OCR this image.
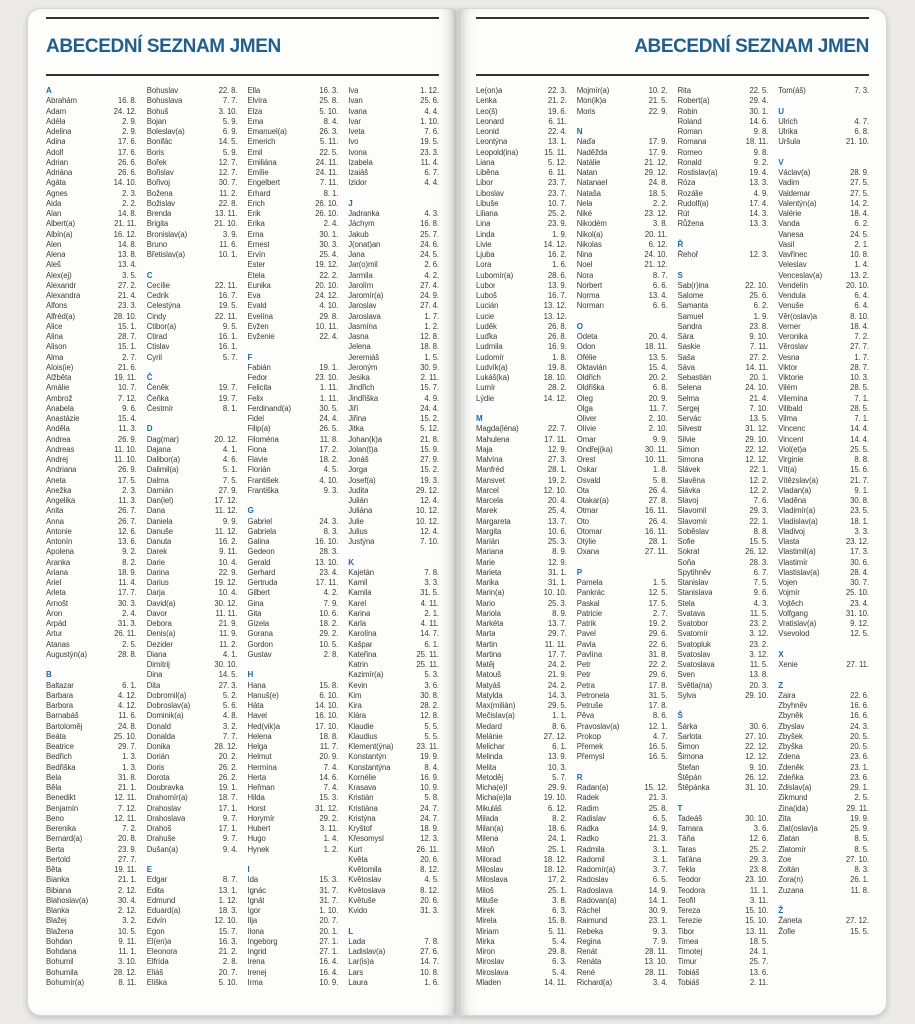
ABECEDNÍ SEZNAM JMEN
A
Abrahám	16. 8.
Adam	24. 12.
Adéla	2. 9.
Adelina	2. 9.
Adina	17. 6.
Adolf	17. 6.
Adrian	26. 6.
Adriána	26. 6.
Agáta	14. 10.
Agnes	2. 3.
Aida	2. 2.
Alan	14. 8.
Albert(a)	21. 11.
Albín(a)	16. 12.
Alen	14. 8.
Alena	13. 8.
Aleš	13. 4.
Alex(ej)	3. 5.
Alexandr	27. 2.
Alexandra	21. 4.
Alfons	23. 3.
Alfréd(a)	28. 10.
Alice	15. 1.
Alina	28. 7.
Alison	15. 1.
Alma	2. 7.
Alois(ie)	21. 6.
Alžběta	19. 11.
Amálie	10. 7.
Ambrož	7. 12.
Anabela	9. 6.
Anastázie	15. 4.
Anděla	11. 3.
Andrea	26. 9.
Andreas	11. 10.
Andrej	11. 10.
Andriana	26. 9.
Aneta	17. 5.
Anežka	2. 3.
Angelika	11. 3.
Anita	26. 7.
Anna	26. 7.
Antonie	12. 6.
Antonín	13. 6.
Apolena	9. 2.
Aranka	8. 2.
Ariana	18. 9.
Ariel	11. 4.
Arleta	17. 7.
Arnošt	30. 3.
Áron	2. 4.
Arpád	31. 3.
Artur	26. 11.
Atanas	2. 5.
Augustýn(a)	28. 8.
B
Baltazar	6. 1.
Barbara	4. 12.
Barbora	4. 12.
Barnabáš	11. 6.
Bartoloměj	24. 8.
Beáta	25. 10.
Beatrice	29. 7.
Bedřich	1. 3.
Bedřiška	1. 3.
Bela	31. 8.
Běla	21. 1.
Benedikt	12. 11.
Benjamín	7. 12.
Beno	12. 11.
Berenika	7. 2.
Bernard(a)	20. 8.
Berta	23. 9.
Bertold	27. 7.
Běta	19. 11.
Bianka	21. 1.
Bibiana	2. 12.
Blahoslav(a)	30. 4.
Blanka	2. 12.
Blažej	3. 2.
Blažena	10. 5.
Bohdan	9. 11.
Bohdana	11. 1.
Bohumil	3. 10.
Bohumila	28. 12.
Bohumír(a)	8. 11.
Bohuslav	22. 8.
Bohuslava	7. 7.
Bohuš	3. 10.
Bojan	5. 9.
Boleslav(a)	6. 9.
Bonifác	14. 5.
Boris	5. 9.
Bořek	12. 7.
Bořislav	12. 7.
Bořivoj	30. 7.
Božena	11. 2.
Božislav	22. 8.
Brenda	13. 11.
Brigita	21. 10.
Bronislav(a)	3. 9.
Bruno	11. 6.
Břetislav(a)	10. 1.
C
Cecílie	22. 11.
Cedrik	16. 7.
Celestýna	19. 5.
Cindy	22. 11.
Ctibor(a)	9. 5.
Ctirad	16. 1.
Ctislav	16. 1.
Cyril	5. 7.
Č
Čeněk	19. 7.
Čeňka	19. 7.
Čestmír	8. 1.
D
Dag(mar)	20. 12.
Dajana	4. 1.
Dalibor(a)	4. 6.
Dalimil(a)	5. 1.
Dalma	7. 5.
Damián	27. 9.
Dan(iel)	17. 12.
Dana	11. 12.
Daniela	9. 9.
Danuše	11. 12.
Danuta	16. 2.
Darek	9. 11.
Darie	10. 4.
Darina	22. 9.
Darius	19. 12.
Darja	10. 4.
David(a)	30. 12.
Davor	11. 11.
Debora	21. 9.
Denis(a)	11. 9.
Dezider	11. 2.
Diana	4. 1.
Dimitrij	30. 10.
Dina	14. 5.
Dita	27. 3.
Dobromil(a)	5. 2.
Dobroslav(a)	5. 6.
Dominik(a)	4. 8.
Donald	3. 2.
Donalda	7. 7.
Donika	28. 12.
Dorián	20. 2.
Doris	26. 2.
Dorota	26. 2.
Doubravka	19. 1.
Drahomír(a)	18. 7.
Drahoslav	17. 1.
Drahoslava	9. 7.
Drahoš	17. 1.
Drahuše	9. 7.
Dušan(a)	9. 4.
E
Edgar	8. 7.
Edita	13. 1.
Edmund	1. 12.
Eduard(a)	18. 3.
Edvín	12. 10.
Egon	15. 7.
El(en)a	16. 3.
Eleonora	21. 2.
Elfrída	2. 8.
Eliáš	20. 7.
Eliška	5. 10.
Ella	16. 3.
Elvíra	25. 8.
Elza	5. 10.
Ema	8. 4.
Emanuel(a)	26. 3.
Emerich	5. 11.
Emil	22. 5.
Emiliána	24. 11.
Emílie	24. 11.
Engelbert	7. 11.
Erhard	8. 1.
Erich	26. 10.
Erik	26. 10.
Erika	2. 4.
Erna	30. 1.
Ernest	30. 3.
Ervín	25. 4.
Ester	19. 12.
Etela	22. 2.
Eunika	20. 10.
Eva	24. 12.
Evald	4. 10.
Evelína	29. 8.
Evžen	10. 11.
Evženie	22. 4.
F
Fabián	19. 1.
Fedor	23. 10.
Felicita	1. 11.
Felix	1. 11.
Ferdinand(a)	30. 5.
Fidel	24. 4.
Filip(a)	26. 5.
Filoména	11. 8.
Fiona	17. 2.
Flavie	18. 2.
Florián	4. 5.
František	4. 10.
Františka	9. 3.
G
Gabriel	24. 3.
Gabriela	8. 3.
Galina	16. 10.
Gedeon	28. 3.
Gerald	13. 10.
Gerhard	23. 4.
Gertruda	17. 11.
Gilbert	4. 2.
Gina	7. 9.
Gita	10. 6.
Gizela	18. 2.
Gorana	29. 2.
Gordon	10. 5.
Gustav	2. 8.
H
Hana	15. 8.
Hanuš(e)	6. 10.
Háta	14. 10.
Havel	16. 10.
Hed(vik)a	17. 10.
Helena	18. 8.
Helga	11. 7.
Helmut	20. 9.
Hermína	7. 4.
Herta	14. 6.
Heřman	7. 4.
Hilda	15. 3.
Horst	31. 12.
Horymír	29. 2.
Hubert	3. 11.
Hugo	1. 4.
Hynek	1. 2.
I
Ida	15. 3.
Ignác	31. 7.
Ignát	31. 7.
Igor	1. 10.
Ilja	20. 7.
Ilona	20. 1.
Ingeborg	27. 1.
Ingrid	27. 1.
Irena	16. 4.
Irenej	16. 4.
Irma	10. 9.
Iva	1. 12.
Ivan	25. 6.
Ivana	4. 4.
Ivar	1. 10.
Iveta	7. 6.
Ivo	19. 5.
Ivona	23. 3.
Izabela	11. 4.
Izaiáš	6. 7.
Izidor	4. 4.
J
Jadranka	4. 3.
Jáchym	16. 8.
Jakub	25. 7.
J(onat)an	24. 6.
Jana	24. 5.
Jar(o)mil	2. 6.
Jarmila	4. 2.
Jarolím	27. 4.
Jaromír(a)	24. 9.
Jaroslav	27. 4.
Jaroslava	1. 7.
Jasmína	1. 2.
Jasna	12. 8.
Jelena	18. 8.
Jeremiáš	1. 5.
Jeroným	30. 9.
Jesika	2. 11.
Jindřich	15. 7.
Jindřiška	4. 9.
Jiří	24. 4.
Jiřina	15. 2.
Jitka	5. 12.
Johan(k)a	21. 8.
Jolan(t)a	15. 9.
Jonáš	27. 9.
Jorga	15. 2.
Josef(a)	19. 3.
Judita	29. 12.
Julián	12. 4.
Juliána	10. 12.
Julie	10. 12.
Julius	12. 4.
Justýna	7. 10.
K
Kajetán	7. 8.
Kamil	3. 3.
Kamila	31. 5.
Karel	4. 11.
Karina	2. 1.
Karla	4. 11.
Karolína	14. 7.
Kašpar	6. 1.
Kateřina	25. 11.
Katrin	25. 11.
Kazimír(a)	5. 3.
Kevin	3. 6.
Kim	30. 8.
Kira	28. 2.
Klára	12. 8.
Klaudie	5. 5.
Klaudius	5. 5.
Klement(ýna)	23. 11.
Konstantýn	19. 9.
Konstantýna	8. 4.
Kornélie	16. 9.
Krasava	10. 9.
Kristián	5. 8.
Kristiána	24. 7.
Kristýna	24. 7.
Kryštof	18. 9.
Křesomysl	12. 3.
Kurt	26. 11.
Květa	20. 6.
Květomila	8. 12.
Květoslav	4. 5.
Květoslava	8. 12.
Květuše	20. 6.
Kvido	31. 3.
L
Lada	7. 8.
Ladislav(a)	27. 6.
Lar(is)a	14. 7.
Lars	10. 8.
Laura	1. 6.
ABECEDNÍ SEZNAM JMEN
Le(on)a	22. 3.
Lenka	21. 2.
Leo(š)	19. 6.
Leonard	6. 11.
Leonid	22. 4.
Leontýna	13. 1.
Leopold(ina)	15. 11.
Liana	5. 12.
Liběna	6. 11.
Libor	23. 7.
Liboslav	23. 7.
Libuše	10. 7.
Liliana	25. 2.
Lina	23. 9.
Linda	1. 9.
Livie	14. 12.
Ljuba	16. 2.
Lora	1. 6.
Lubomír(a)	28. 6.
Lubor	13. 9.
Luboš	16. 7.
Lucián	13. 12.
Lucie	13. 12.
Luděk	26. 8.
Luďka	26. 8.
Ludmila	16. 9.
Ludomír	1. 8.
Ludvík(a)	19. 8.
Lukáš(ka)	18. 10.
Lumír	28. 2.
Lýdie	14. 12.
M
Magda(léna)	22. 7.
Mahulena	17. 11.
Maja	12. 9.
Malvína	27. 3.
Manfréd	28. 1.
Mansvet	19. 2.
Marcel	12. 10.
Marcela	20. 4.
Marek	25. 4.
Margareta	13. 7.
Margita	10. 6.
Marián	25. 3.
Mariana	8. 9.
Marie	12. 9.
Marieta	31. 1.
Marika	31. 1.
Marin(a)	10. 10.
Mario	25. 3.
Mariola	8. 9.
Markéta	13. 7.
Marta	29. 7.
Martin	11. 11.
Martina	17. 7.
Matěj	24. 2.
Matouš	21. 9.
Matyáš	24. 2.
Matylda	14. 3.
Max(milián)	29. 5.
Mečislav(a)	1. 1.
Medard	8. 6.
Melánie	27. 12.
Melichar	6. 1.
Melinda	13. 9.
Melita	10. 3.
Metoděj	5. 7.
Micha(e)l	29. 9.
Micha(e)la	19. 10.
Mikuláš	6. 12.
Milada	8. 2.
Milan(a)	18. 6.
Milena	24. 1.
Miloň	25. 1.
Milorad	18. 12.
Miloslav	18. 12.
Miloslava	17. 2.
Miloš	25. 1.
Miluše	3. 8.
Mirek	6. 3.
Mirela	15. 8.
Miriam	5. 11.
Mirka	5. 4.
Miron	29. 8.
Miroslav	6. 3.
Miroslava	5. 4.
Mladen	14. 11.
Mojmír(a)	10. 2.
Mon(ik)a	21. 5.
Moris	22. 9.
N
Naďa	17. 9.
Naděžda	17. 9.
Natálie	21. 12.
Natan	29. 12.
Natanael	24. 8.
Nataša	18. 5.
Nela	2. 2.
Niké	23. 12.
Nikodém	3. 8.
Nikol(a)	20. 11.
Nikolas	6. 12.
Nina	24. 10.
Noel	21. 12.
Nora	8. 7.
Norbert	6. 6.
Norma	13. 4.
Norman	6. 6.
O
Odeta	20. 4.
Odon	18. 11.
Ofélie	13. 5.
Oktavián	15. 4.
Oldřich	20. 2.
Oldřiška	6. 8.
Oleg	20. 9.
Olga	11. 7.
Oliver	2. 10.
Olívie	2. 10.
Omar	9. 9.
Ondřej(ka)	30. 11.
Orest	10. 11.
Oskar	1. 8.
Osvald	5. 8.
Ota	26. 4.
Otakar(a)	27. 8.
Otmar	16. 11.
Oto	26. 4.
Otomar	16. 11.
Otýlie	28. 1.
Oxana	27. 11.
P
Pamela	1. 5.
Pankrác	12. 5.
Paskal	17. 5.
Patricie	2. 7.
Patrik	19. 2.
Pavel	29. 6.
Pavla	22. 6.
Pavlína	31. 8.
Petr	22. 2.
Petr	29. 6.
Petra	17. 8.
Petronela	31. 5.
Petruše	17. 8.
Pěva	8. 6.
Pravoslav(a)	12. 1.
Prokop	4. 7.
Přemek	16. 5.
Přemysl	16. 5.
R
Radan(a)	15. 12.
Radek	21. 3.
Radim	25. 8.
Radislav	6. 5.
Radka	14. 9.
Radko	21. 3.
Radmila	3. 1.
Radomil	3. 1.
Radomír(a)	3. 7.
Radoslav	6. 5.
Radoslava	14. 9.
Radovan(a)	14. 1.
Ráchel	30. 9.
Raimund	23. 1.
Rebeka	9. 3.
Regina	7. 9.
Renát	28. 11.
Renáta	13. 10.
René	28. 11.
Richard(a)	3. 4.
Rita	22. 5.
Robert(a)	29. 4.
Robin	30. 1.
Roland	14. 6.
Roman	9. 8.
Romana	18. 11.
Romeo	9. 8.
Ronald	9. 2.
Rostislav(a)	19. 4.
Róza	13. 3.
Rozálie	4. 9.
Rudolf(a)	17. 4.
Rút	14. 3.
Růžena	13. 3.
Ř
Řehoř	12. 3.
S
Sab(r)ina	22. 10.
Salome	25. 6.
Samanta	6. 2.
Samuel	1. 9.
Sandra	23. 8.
Sára	9. 10.
Saskie	7. 11.
Saša	27. 2.
Sáva	14. 11.
Sebastián	20. 1.
Selena	24. 10.
Selma	21. 4.
Sergej	7. 10.
Servác	13. 5.
Silvestr	31. 12.
Silvie	29. 10.
Simon	22. 12.
Simona	12. 12.
Slávek	22. 1.
Slavěna	12. 2.
Slávka	12. 2.
Slavoj	7. 6.
Slavomil	29. 3.
Slavomír	22. 1.
Soběslav	8. 8.
Sofie	15. 5.
Sokrat	26. 12.
Soňa	28. 3.
Spytihněv	6. 7.
Stanislav	7. 5.
Stanislava	9. 6.
Stela	4. 3.
Svatava	11. 5.
Svatobor	23. 2.
Svatomír	3. 12.
Svatopluk	23. 2.
Svatoslav	3. 12.
Svatoslava	11. 5.
Sven	13. 8.
Světla(na)	20. 3.
Sylva	29. 10.
Š
Šárka	30. 6.
Šarlota	27. 10.
Šimon	22. 12.
Šimona	12. 12.
Štefan	9. 10.
Štěpán	26. 12.
Štěpánka	31. 10.
T
Tadeáš	30. 10.
Tamara	3. 6.
Táňa	12. 6.
Taras	25. 2.
Taťána	29. 3.
Tekla	23. 8.
Teodor	23. 10.
Teodora	11. 1.
Teofil	3. 11.
Tereza	15. 10.
Terezie	15. 10.
Tibor	13. 11.
Timea	18. 5.
Timotej	24. 1.
Timur	25. 7.
Tobiáš	13. 6.
Tobiáš	2. 11.
Tom(áš)	7. 3.
U
Ulrich	4. 7.
Ulrika	6. 8.
Uršula	21. 10.
V
Václav(a)	28. 9.
Vadim	27. 5.
Valdemar	27. 5.
Valentýn(a)	14. 2.
Valérie	18. 4.
Vanda	6. 2.
Vanesa	24. 5.
Vasil	2. 1.
Vavřinec	10. 8.
Veleslav	1. 4.
Venceslav(a)	13. 2.
Vendelín	20. 10.
Vendula	6. 4.
Venuše	6. 4.
Věr(oslav)a	8. 10.
Verner	18. 4.
Veronika	7. 2.
Věroslav	27. 7.
Vesna	1. 7.
Viktor	28. 7.
Viktorie	10. 3.
Vilém	28. 5.
Vilemína	7. 1.
Vilibald	28. 5.
Vilma	7. 1.
Vincenc	14. 4.
Vincent	14. 4.
Viol(et)a	25. 5.
Virginie	8. 8.
Vít(a)	15. 6.
Vítězslav(a)	21. 7.
Vladan(a)	9. 1.
Vladěna	30. 8.
Vladimír(a)	23. 5.
Vladislav(a)	18. 1.
Vladivoj	3. 3.
Vlasta	23. 12.
Vlastimil(a)	17. 3.
Vlastimír	30. 6.
Vlastislav(a)	28. 4.
Vojen	30. 7.
Vojmír	25. 10.
Vojtěch	23. 4.
Volfgang	31. 10.
Vratislav(a)	9. 12.
Vsevolod	12. 5.
X
Xenie	27. 11.
Z
Zaira	22. 6.
Zbyhněv	16. 6.
Zbyněk	16. 6.
Zbyslav	24. 3.
Zbyšek	20. 5.
Zbyška	20. 5.
Zdena	23. 6.
Zdeněk	23. 1.
Zdeňka	23. 6.
Zdislav(a)	29. 1.
Zikmund	2. 5.
Zina(ida)	29. 11.
Zita	19. 9.
Zlat(oslav)a	25. 9.
Zlatan	8. 5.
Zlatomír	8. 5.
Zoe	27. 10.
Zoltán	8. 3.
Zora(n)	26. 1.
Zuzana	11. 8.
Ž
Žaneta	27. 12.
Žofie	15. 5.
